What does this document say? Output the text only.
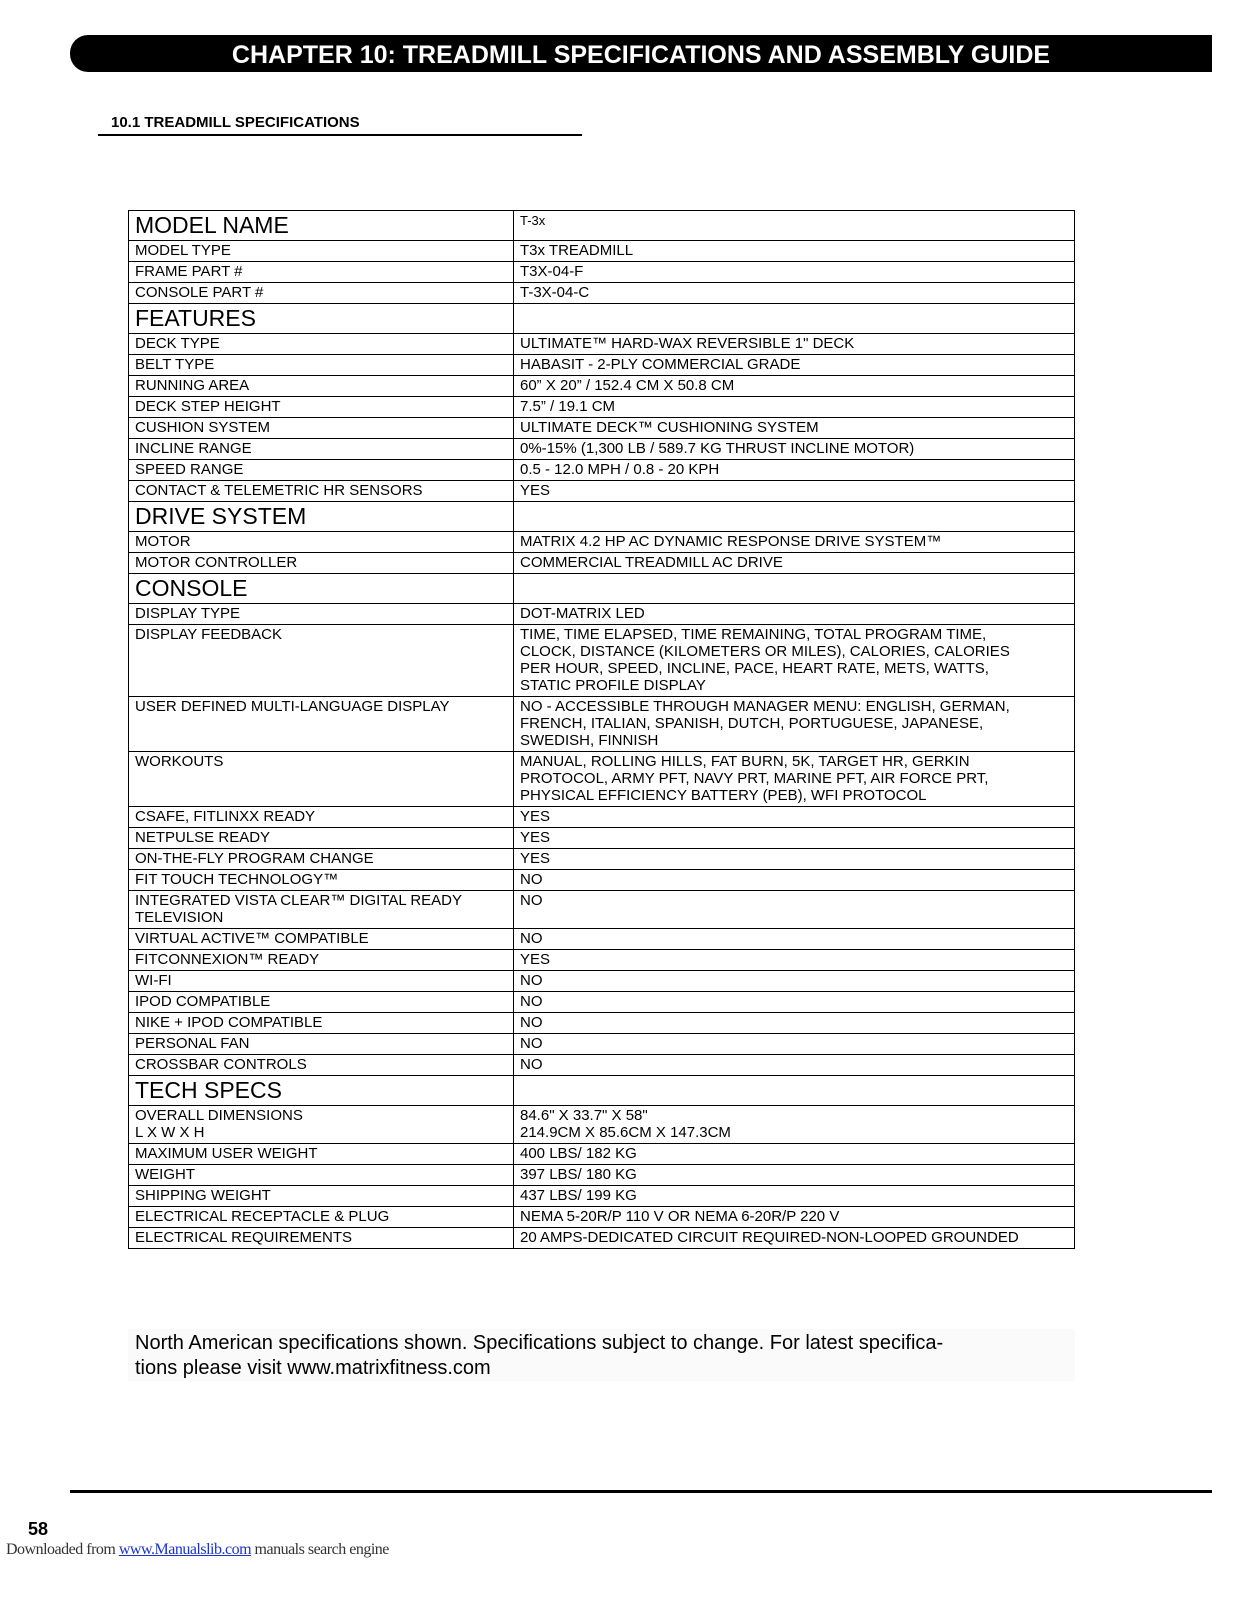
CHAPTER 10: TREADMILL SPECIFICATIONS AND ASSEMBLY GUIDE
10.1 TREADMILL SPECIFICATIONS
MODEL NAME	T-3x
MODEL TYPE	T3x TREADMILL
FRAME PART #	T3X-04-F
CONSOLE PART #	T-3X-04-C
FEATURES	
DECK TYPE	ULTIMATE™ HARD-WAX REVERSIBLE 1" DECK
BELT TYPE	HABASIT - 2-PLY COMMERCIAL GRADE
RUNNING AREA	60” X 20” / 152.4 CM X 50.8 CM
DECK STEP HEIGHT	7.5” / 19.1 CM
CUSHION SYSTEM	ULTIMATE DECK™ CUSHIONING SYSTEM
INCLINE RANGE	0%-15% (1,300 LB / 589.7 KG THRUST INCLINE MOTOR)
SPEED RANGE	0.5 - 12.0 MPH / 0.8 - 20 KPH
CONTACT & TELEMETRIC HR SENSORS	YES
DRIVE SYSTEM	
MOTOR	MATRIX 4.2 HP AC DYNAMIC RESPONSE DRIVE SYSTEM™
MOTOR CONTROLLER	COMMERCIAL TREADMILL AC DRIVE
CONSOLE	
DISPLAY TYPE	DOT-MATRIX LED
DISPLAY FEEDBACK	TIME, TIME ELAPSED, TIME REMAINING, TOTAL PROGRAM TIME,
CLOCK, DISTANCE (KILOMETERS OR MILES), CALORIES, CALORIES
PER HOUR, SPEED, INCLINE, PACE, HEART RATE, METS, WATTS,
STATIC PROFILE DISPLAY
USER DEFINED MULTI-LANGUAGE DISPLAY	NO - ACCESSIBLE THROUGH MANAGER MENU: ENGLISH, GERMAN,
FRENCH, ITALIAN, SPANISH, DUTCH, PORTUGUESE, JAPANESE,
SWEDISH, FINNISH
WORKOUTS	MANUAL, ROLLING HILLS, FAT BURN, 5K, TARGET HR, GERKIN
PROTOCOL, ARMY PFT, NAVY PRT, MARINE PFT, AIR FORCE PRT,
PHYSICAL EFFICIENCY BATTERY (PEB), WFI PROTOCOL
CSAFE, FITLINXX READY	YES
NETPULSE READY	YES
ON-THE-FLY PROGRAM CHANGE	YES
FIT TOUCH TECHNOLOGY™	NO
INTEGRATED VISTA CLEAR™ DIGITAL READY
TELEVISION	NO
VIRTUAL ACTIVE™ COMPATIBLE	NO
FITCONNEXION™ READY	YES
WI-FI	NO
IPOD COMPATIBLE	NO
NIKE + IPOD COMPATIBLE	NO
PERSONAL FAN	NO
CROSSBAR CONTROLS	NO
TECH SPECS	
OVERALL DIMENSIONS
L X W X H	84.6" X 33.7" X 58"
214.9CM X 85.6CM X 147.3CM
MAXIMUM USER WEIGHT	400 LBS/ 182 KG
WEIGHT	397 LBS/ 180 KG
SHIPPING WEIGHT	437 LBS/ 199 KG
ELECTRICAL RECEPTACLE & PLUG	NEMA 5-20R/P 110 V OR NEMA 6-20R/P 220 V
ELECTRICAL REQUIREMENTS	20 AMPS-DEDICATED CIRCUIT REQUIRED-NON-LOOPED GROUNDED
North American specifications shown. Specifications subject to change. For latest specifica-
tions please visit www.matrixfitness.com
58
Downloaded from www.Manualslib.com manuals search engine
